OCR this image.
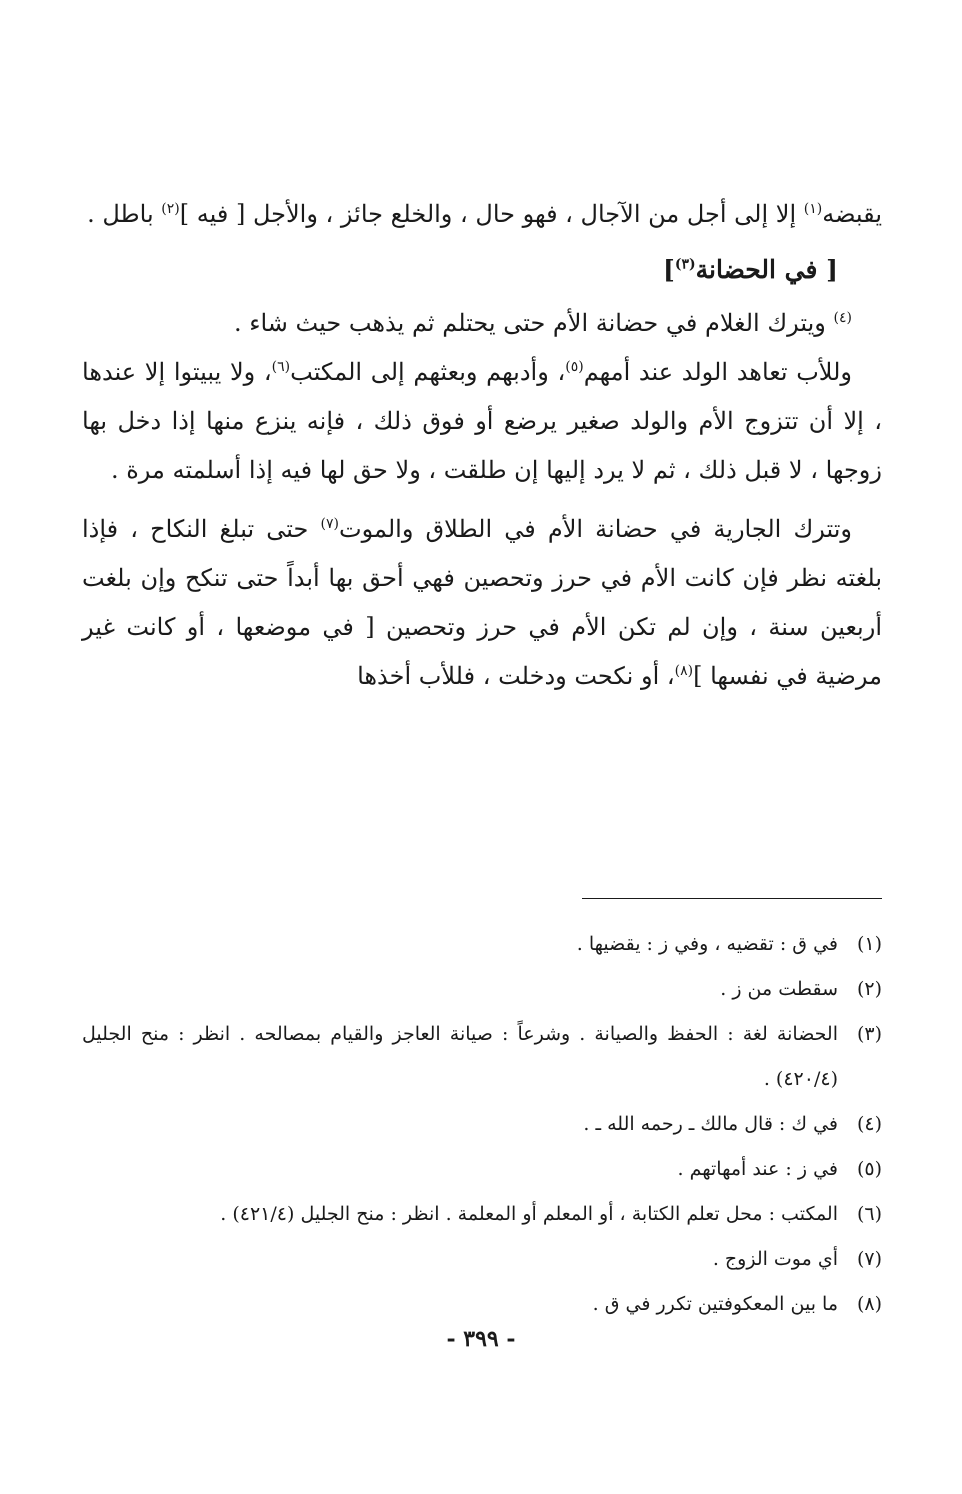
يقبضه$^{(١)}$ إلا إلى أجل من الآجال ، فهو حال ، والخلع جائز ، والأجل [ فيه ]$^{(٢)}$ باطل .

[ في الحضانة$^{(٣)}$]

$^{(٤)}$ ويترك الغلام في حضانة الأم حتى يحتلم ثم يذهب حيث شاء .

وللأب تعاهد الولد عند أمهم$^{(٥)}$، وأدبهم وبعثهم إلى المكتب$^{(٦)}$، ولا يبيتوا إلا عندها ، إلا أن تتزوج الأم والولد صغير يرضع أو فوق ذلك ، فإنه ينزع منها إذا دخل بها زوجها ، لا قبل ذلك ، ثم لا يرد إليها إن طلقت ، ولا حق لها فيه إذا أسلمته مرة .

وتترك الجارية في حضانة الأم في الطلاق والموت$^{(٧)}$ حتى تبلغ النكاح ، فإذا بلغته نظر فإن كانت الأم في حرز وتحصين فهي أحق بها أبداً حتى تنكح وإن بلغت أربعين سنة ، وإن لم تكن الأم في حرز وتحصين [ في موضعها ، أو كانت غير مرضية في نفسها ]$^{(٨)}$، أو نكحت ودخلت ، فللأب أخذها

(١)
في ق : تقضيه ، وفي ز : يقضيها .
(٢)
سقطت من ز .
(٣)
الحضانة لغة : الحفظ والصيانة . وشرعاً : صيانة العاجز والقيام بمصالحه . انظر : منح الجليل (٤٢٠/٤) .
(٤)
في ك : قال مالك ـ رحمه الله ـ .
(٥)
في ز : عند أمهاتهم .
(٦)
المكتب : محل تعلم الكتابة ، أو المعلم أو المعلمة . انظر : منح الجليل (٤٢١/٤) .
(٧)
أي موت الزوج .
(٨)
ما بين المعكوفتين تكرر في ق .
- ٣٩٩ -
